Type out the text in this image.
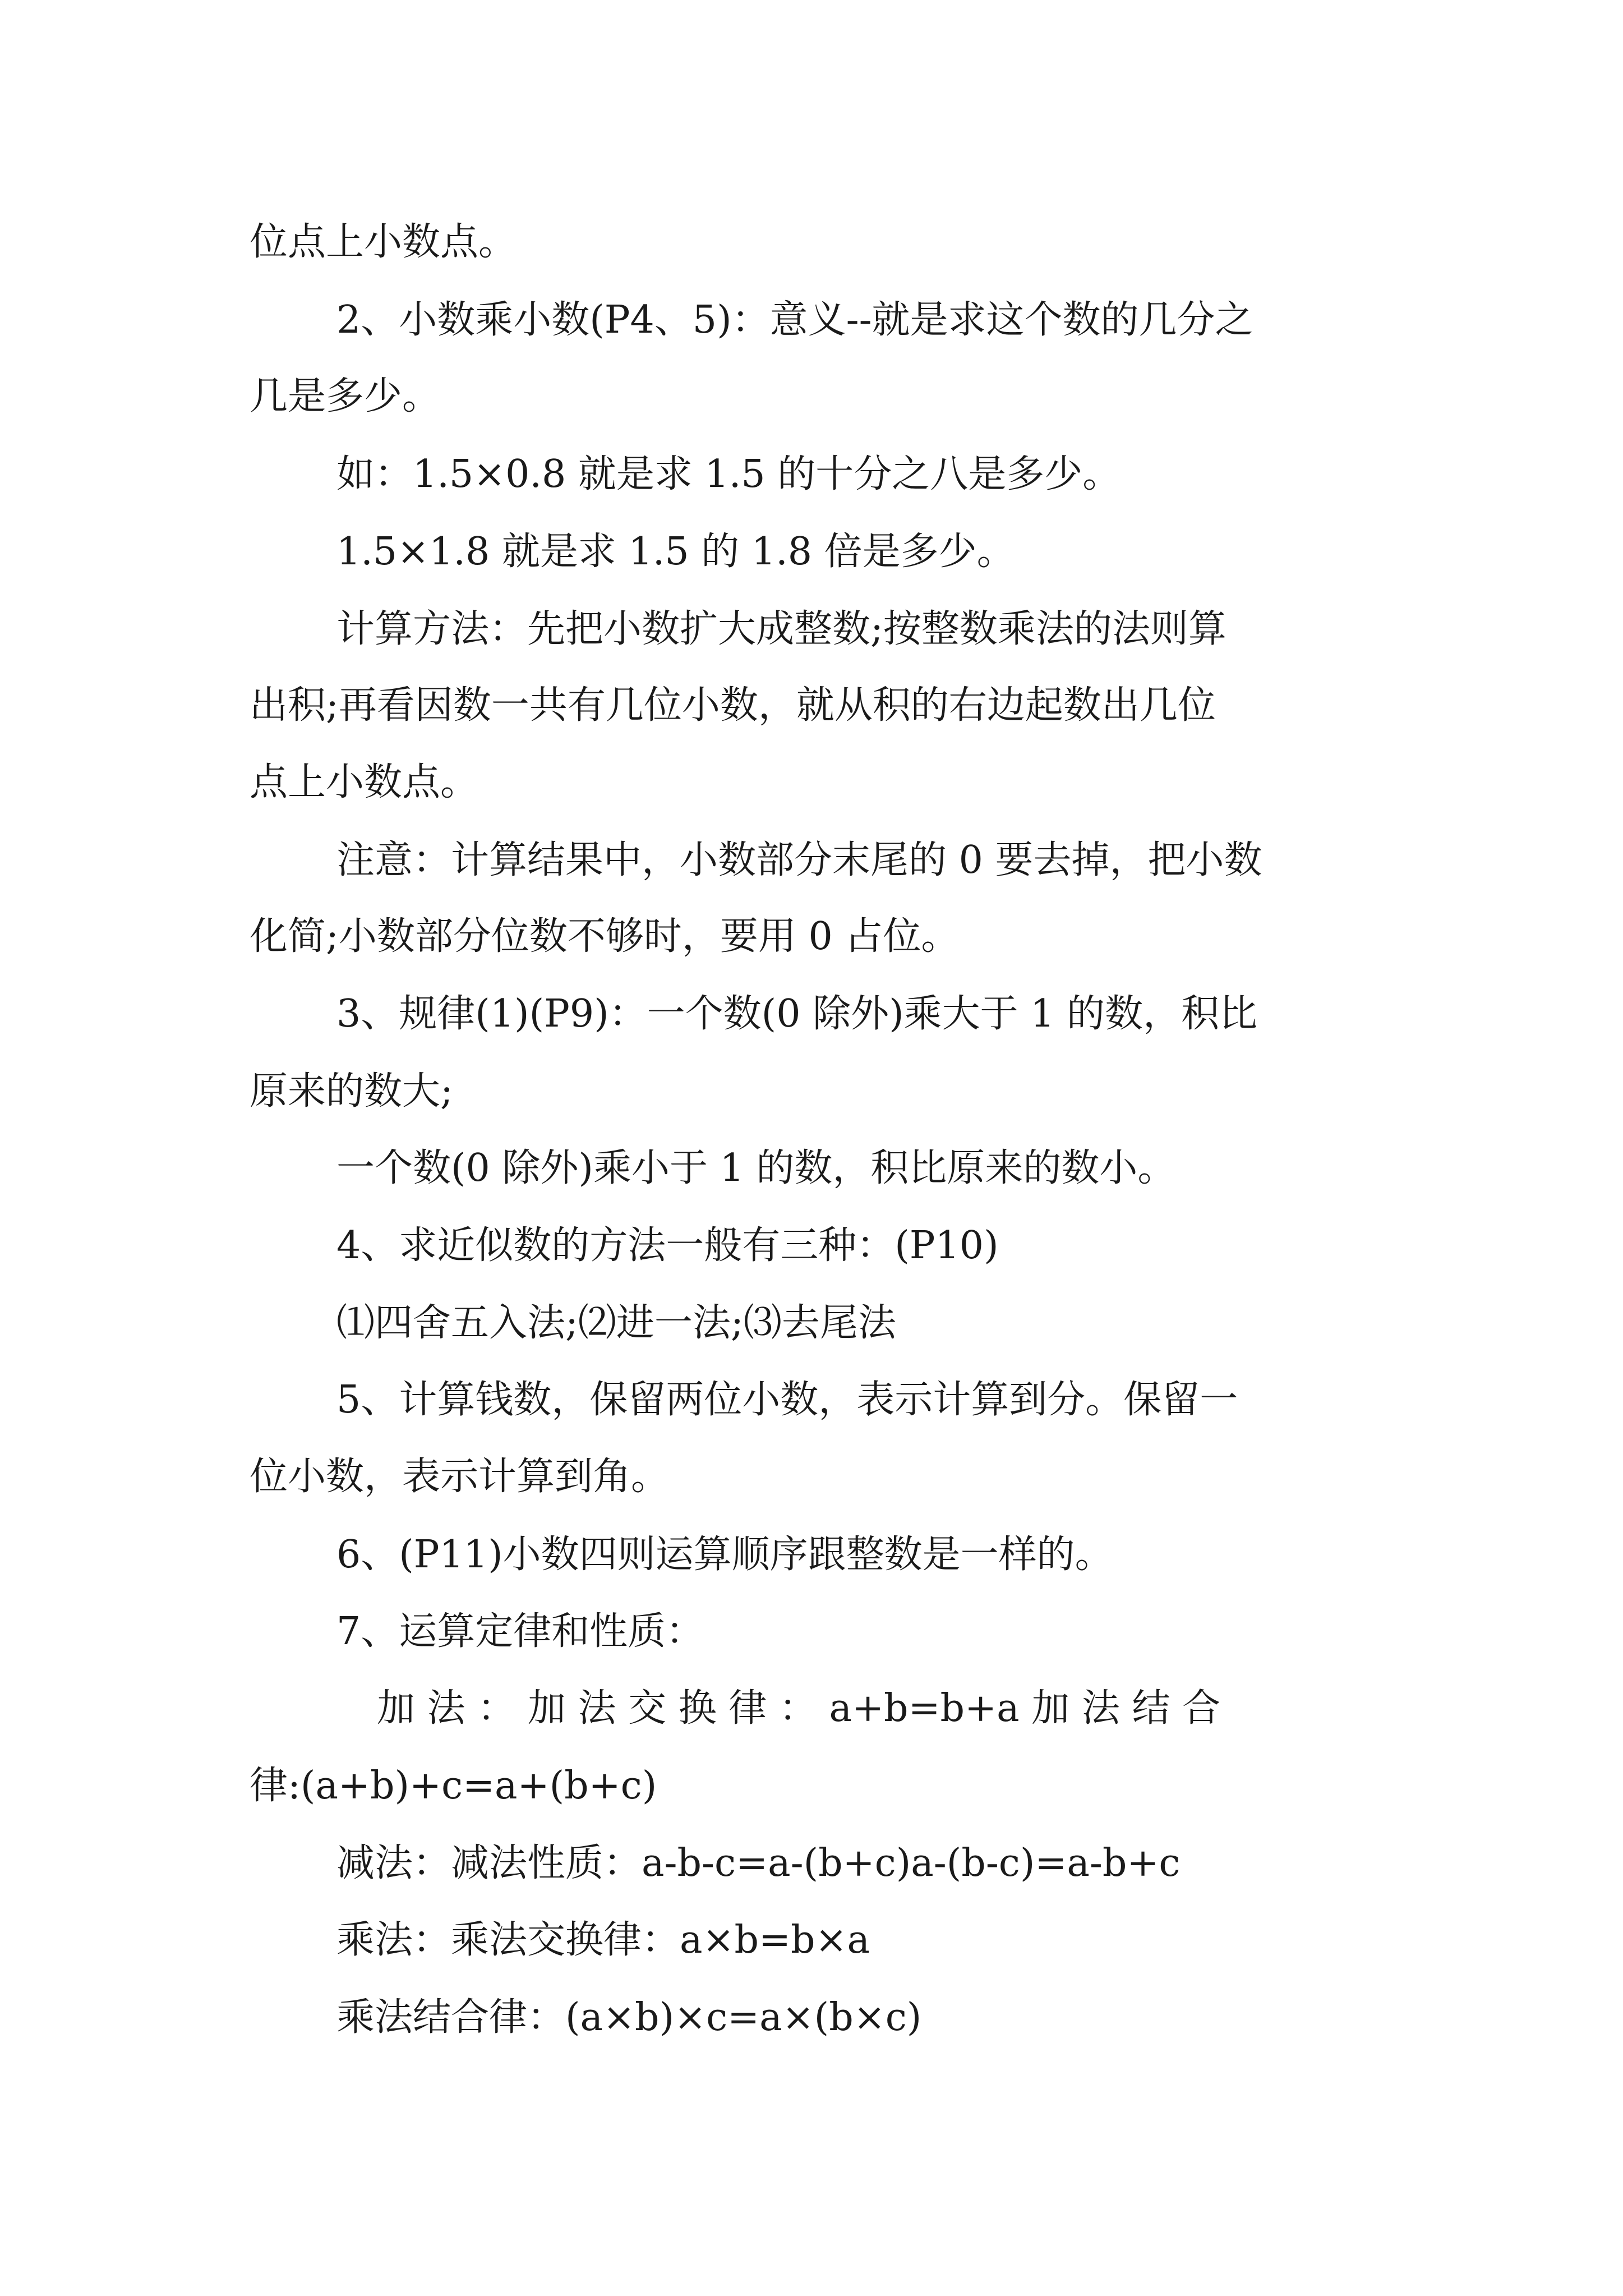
位点上小数点。
2、小数乘小数(P4、5)：意义--就是求这个数的几分之
几是多少。
如：1.5×0.8 就是求 1.5 的十分之八是多少。
1.5×1.8 就是求 1.5 的 1.8 倍是多少。
计算方法：先把小数扩大成整数;按整数乘法的法则算
出积;再看因数一共有几位小数，就从积的右边起数出几位
点上小数点。
注意：计算结果中，小数部分末尾的 0 要去掉，把小数
化简;小数部分位数不够时，要用 0 占位。
3、规律(1)(P9)：一个数(0 除外)乘大于 1 的数，积比
原来的数大;
一个数(0 除外)乘小于 1 的数，积比原来的数小。
4、求近似数的方法一般有三种：(P10)
⑴四舍五入法;⑵进一法;⑶去尾法
5、计算钱数，保留两位小数，表示计算到分。保留一
位小数，表示计算到角。
6、(P11)小数四则运算顺序跟整数是一样的。
7、运算定律和性质：
加 法 ： 加 法 交 换 律 ： a+b=b+a 加 法 结 合
律:(a+b)+c=a+(b+c)
减法：减法性质：a-b-c=a-(b+c)a-(b-c)=a-b+c
乘法：乘法交换律：a×b=b×a
乘法结合律：(a×b)×c=a×(b×c)
